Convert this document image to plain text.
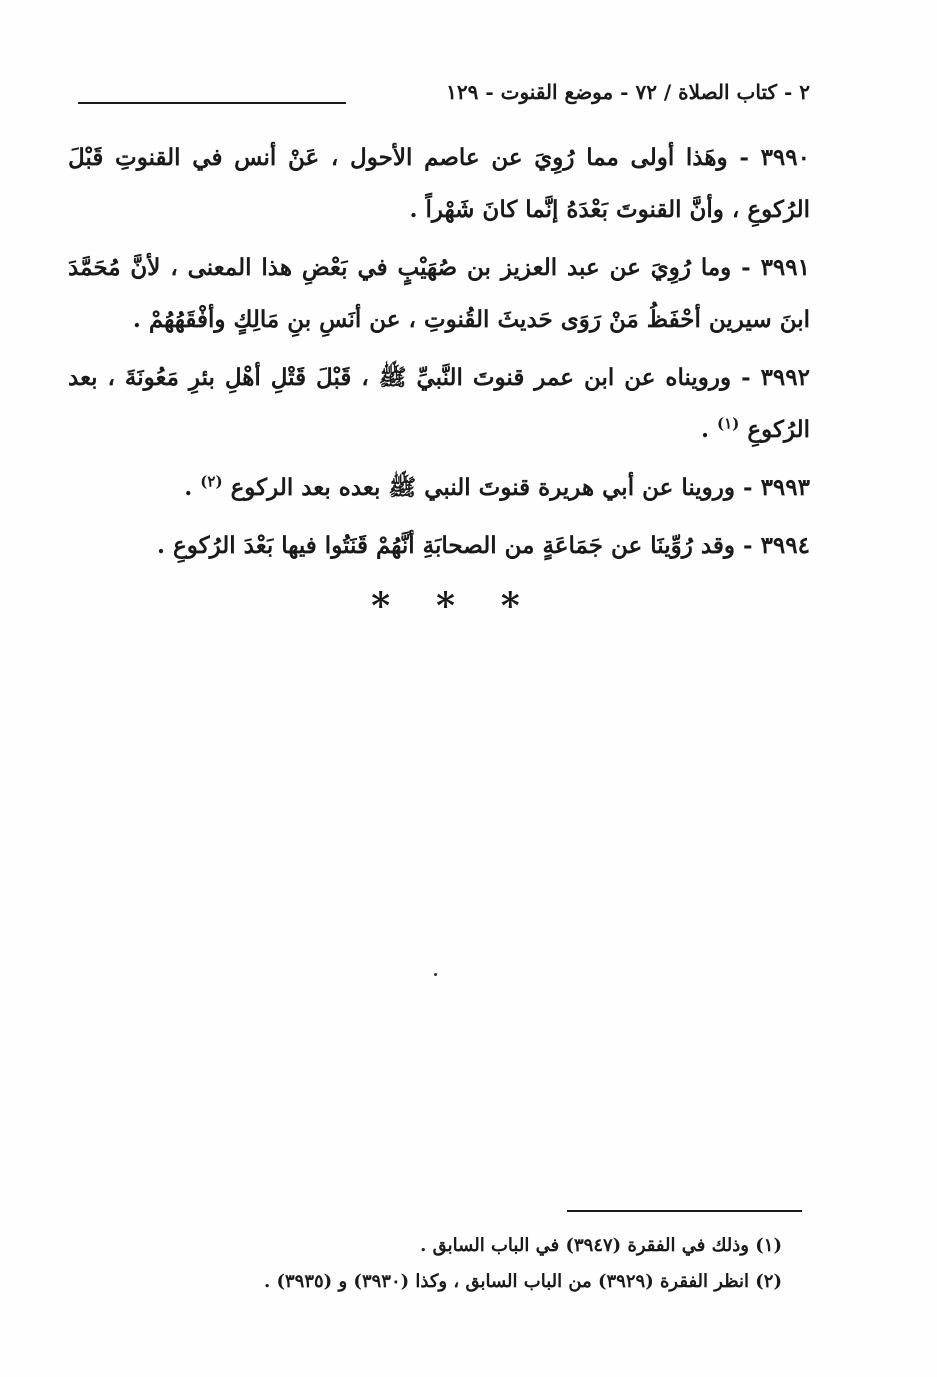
٢ - كتاب الصلاة / ٧٢ - موضع القنوت - ١٢٩

٣٩٩٠ - وهَذا أولى مما رُوِيَ عن عاصم الأحول ، عَنْ أنس في القنوتِ قَبْلَ الرُكوعِ ، وأنَّ القنوتَ بَعْدَهُ إنَّما كانَ شَهْراً .

٣٩٩١ - وما رُوِيَ عن عبد العزيز بن صُهَيْبٍ في بَعْضِ هذا المعنى ، لأنَّ مُحَمَّدَ ابنَ سيرين أحْفَظُ مَنْ رَوَى حَديثَ القُنوتِ ، عن أنَسِ بنِ مَالِكٍ وأفْقَهُهُمْ .

٣٩٩٢ - ورويناه عن ابن عمر قنوتَ النَّبيِّ ﷺ ، قَبْلَ قَتْلِ أهْلِ بئرِ مَعُونَةَ ، بعد الرُكوعِ $^{(١)}$ .

٣٩٩٣ - وروينا عن أبي هريرة قنوتَ النبي ﷺ بعده بعد الركوع $^{(٢)}$ .

٣٩٩٤ - وقد رُوِّينَا عن جَمَاعَةٍ من الصحابَةِ أنَّهُمْ قَنَتُوا فيها بَعْدَ الرُكوعِ .

***

(١) وذلك في الفقرة (٣٩٤٧) في الباب السابق .

(٢) انظر الفقرة (٣٩٢٩) من الباب السابق ، وكذا (٣٩٣٠) و (٣٩٣٥) .
